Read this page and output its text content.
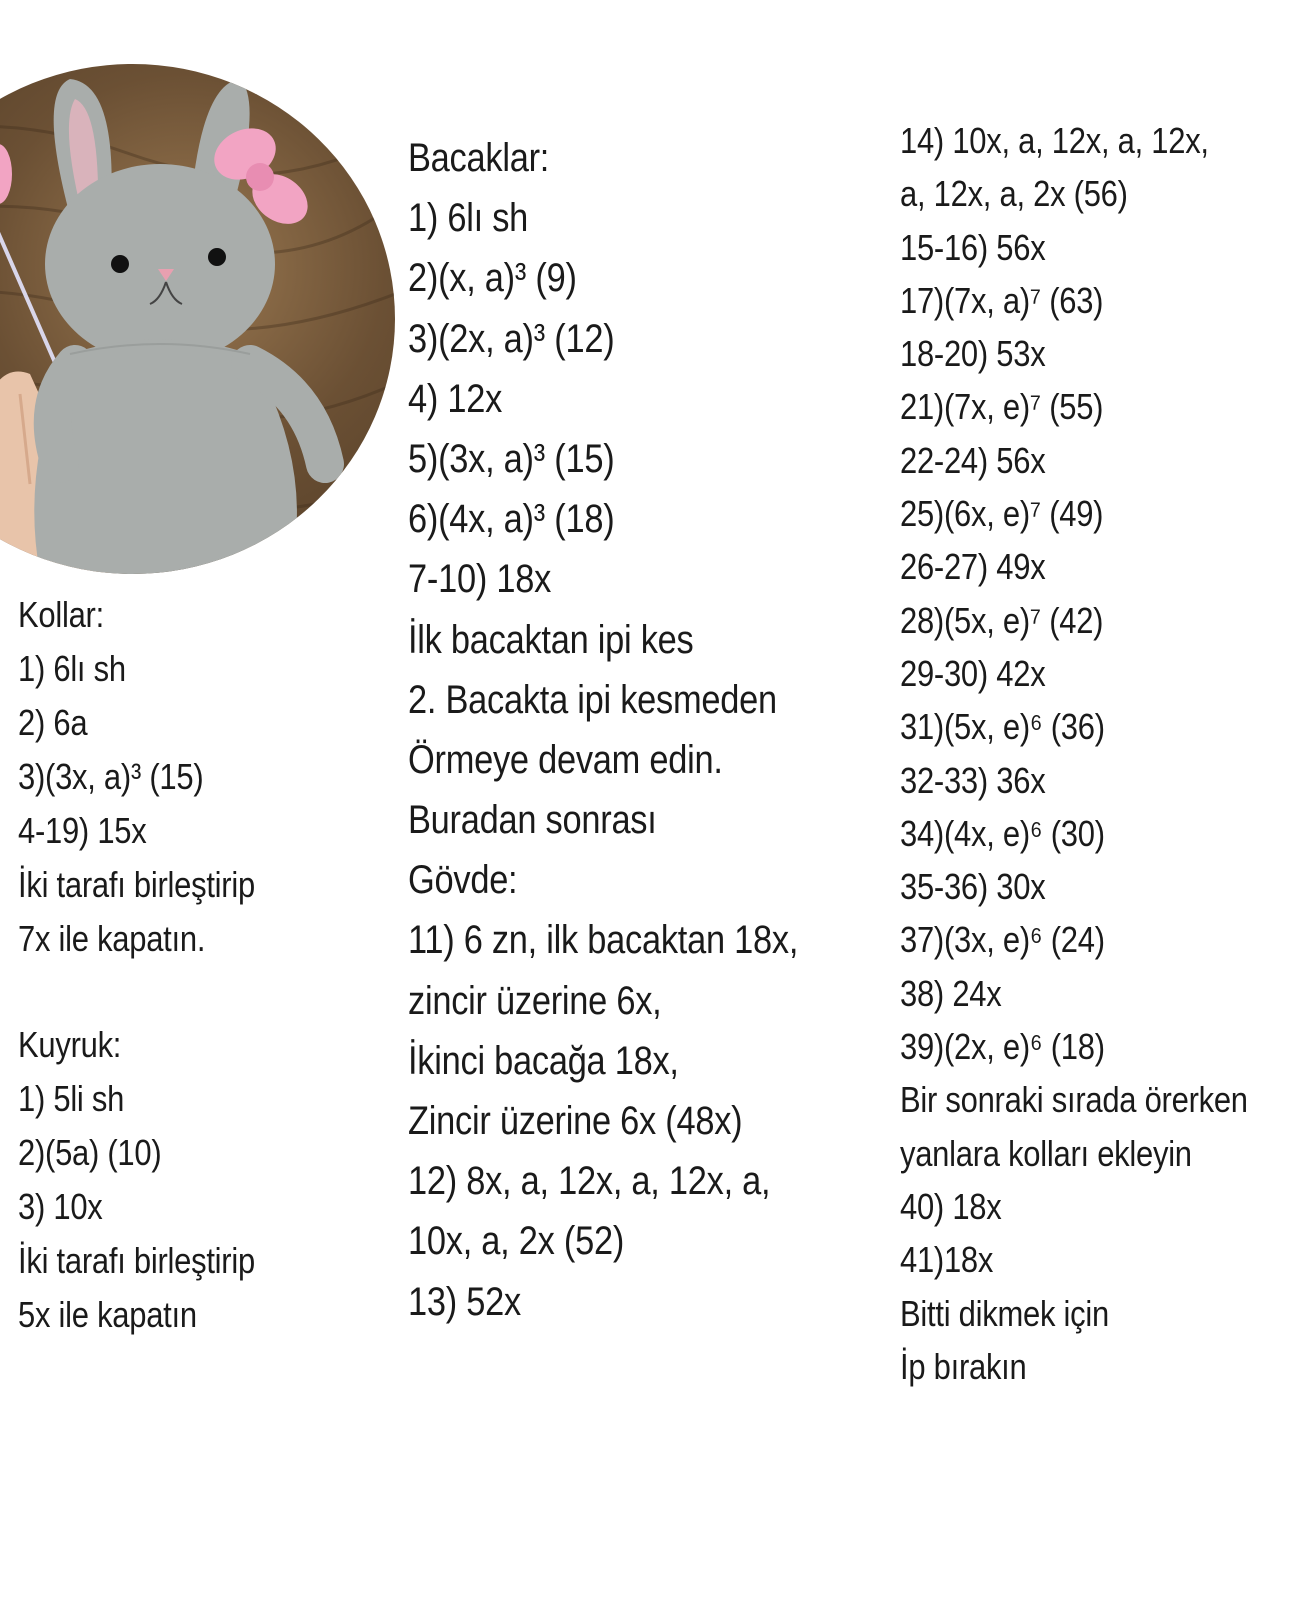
Kollar:
1) 6lı sh
2) 6a
3)(3x, a)³ (15)
4-19) 15x
İki tarafı birleştirip
7x ile kapatın.
Kuyruk:
1) 5li sh
2)(5a) (10)
3) 10x
İki tarafı birleştirip
5x ile kapatın
Bacaklar:
1) 6lı sh
2)(x, a)³ (9)
3)(2x, a)³ (12)
4) 12x
5)(3x, a)³ (15)
6)(4x, a)³ (18)
7-10) 18x
İlk bacaktan ipi kes
2. Bacakta ipi kesmeden
Örmeye devam edin.
Buradan sonrası
Gövde:
11) 6 zn, ilk bacaktan 18x,
zincir üzerine 6x,
İkinci bacağa 18x,
Zincir üzerine 6x (48x)
12) 8x, a, 12x, a, 12x, a,
10x, a, 2x (52)
13) 52x
14) 10x, a, 12x, a, 12x,
a, 12x, a, 2x (56)
15-16) 56x
17)(7x, a)⁷ (63)
18-20) 53x
21)(7x, e)⁷ (55)
22-24) 56x
25)(6x, e)⁷ (49)
26-27) 49x
28)(5x, e)⁷ (42)
29-30) 42x
31)(5x, e)⁶ (36)
32-33) 36x
34)(4x, e)⁶ (30)
35-36) 30x
37)(3x, e)⁶ (24)
38) 24x
39)(2x, e)⁶ (18)
Bir sonraki sırada örerken
yanlara kolları ekleyin
40) 18x
41)18x
Bitti dikmek için
İp bırakın
